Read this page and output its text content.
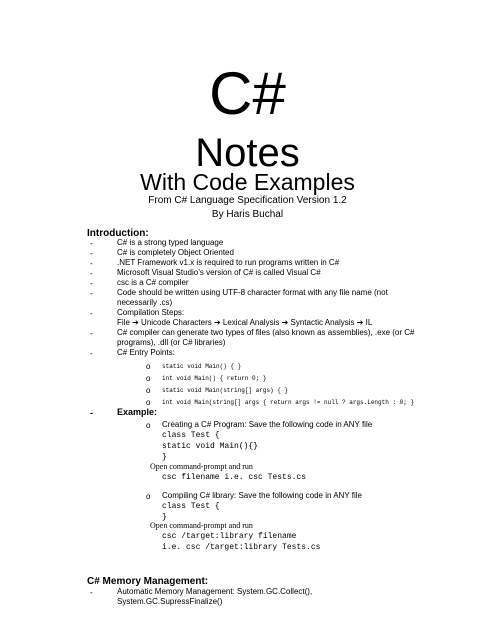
C#
Notes
With Code Examples
From C# Language Specification Version 1.2
By Haris Buchal
Introduction:
-	C# is a strong typed language
-	C# is completely Object Oriented
-	.NET Framework v1.x is required to run programs written in C#
-	Microsoft Visual Studio’s version of C# is called Visual C#
-	csc is a C# compiler
-	Code should be written using UTF-8 character format with any file name (not
necessarily .cs)
-	Compilation Steps:
File ➔ Unicode Characters ➔ Lexical Analysis ➔ Syntactic Analysis ➔ IL
-	C# compiler can generate two types of files (also known as assemblies), .exe (or C#
programs), .dll (or C# libraries)
-	C# Entry Points:
o static void Main() { }
o int void Main() { return 0; }
o static void Main(string[] args) { }
o int void Main(string[] args { return args != null ? args.Length : 0; }
-	Example:
o Creating a C# Program: Save the following code in ANY file
class Test {
static void Main(){}
}
Open command-prompt and run
csc filename i.e. csc Tests.cs
o Compiling C# library: Save the following code in ANY file
class Test {
}
Open command-prompt and run
csc /target:library filename
i.e. csc /target:library Tests.cs
C# Memory Management:
-	Automatic Memory Management: System.GC.Collect(),
System.GC.SupressFinalize()
